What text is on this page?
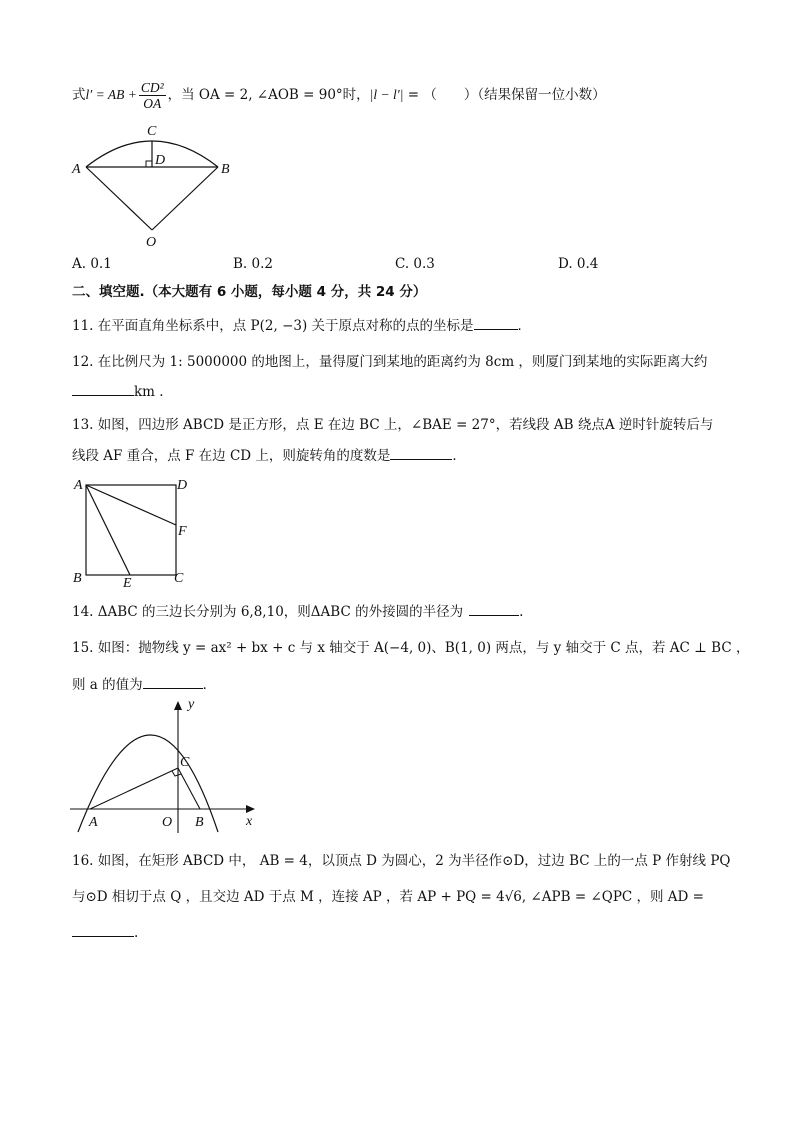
式l′ = AB + $\frac{\text{CD²}}{OA}$ ，当 OA = 2, ∠AOB = 90°时，|l − l′| = （　　）（结果保留一位小数）
A	B
C
D
O
A. 0.1	B. 0.2	C. 0.3	D. 0.4
二、填空题.（本大题有 6 小题，每小题 4 分，共 24 分）
11. 在平面直角坐标系中，点 P(2, −3) 关于原点对称的点的坐标是	．
12. 在比例尺为 1: 5000000 的地图上，量得厦门到某地的距离约为 8cm ，则厦门到某地的实际距离大约
km .
13. 如图，四边形 ABCD 是正方形，点 E 在边 BC 上，∠BAE = 27°，若线段 AB 绕点A 逆时针旋转后与
线段 AF 重合，点 F 在边 CD 上，则旋转角的度数是	．
A	D
F
B	E	C
14. ΔABC 的三边长分别为 6,8,10，则ΔABC 的外接圆的半径为	.
15. 如图：抛物线 y = ax² + bx + c 与 x 轴交于 A(−4, 0)、B(1, 0) 两点，与 y 轴交于 C 点，若 AC ⊥ BC ，
则 a 的值为	．
y
x
C
A	O B
16. 如图，在矩形 ABCD 中， AB = 4，以顶点 D 为圆心，2 为半径作⊙D，过边 BC 上的一点 P 作射线 PQ
与⊙D 相切于点 Q ，且交边 AD 于点 M ，连接 AP ，若 AP + PQ = 4√6, ∠APB = ∠QPC ，则 AD =
.
